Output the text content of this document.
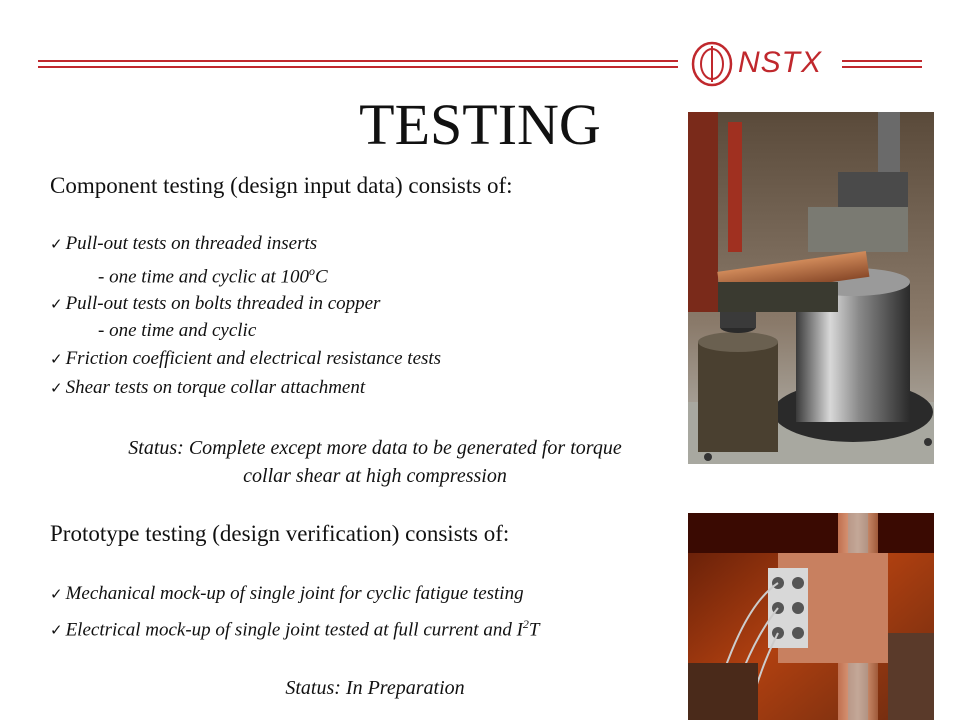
NSTX
TESTING
Component testing (design input data) consists of:
✓ Pull-out tests on threaded inserts
- one time and cyclic at 100$^o$C
✓ Pull-out tests on bolts threaded in copper
- one time and cyclic
✓ Friction coefficient and electrical resistance tests
✓ Shear tests on torque collar attachment
Status: Complete except more data to be generated for torque
collar shear at high compression
Prototype testing (design verification) consists of:
✓ Mechanical mock-up of single joint for cyclic fatigue testing
✓ Electrical mock-up of single joint tested at full current and $I^2T$
Status: In Preparation
